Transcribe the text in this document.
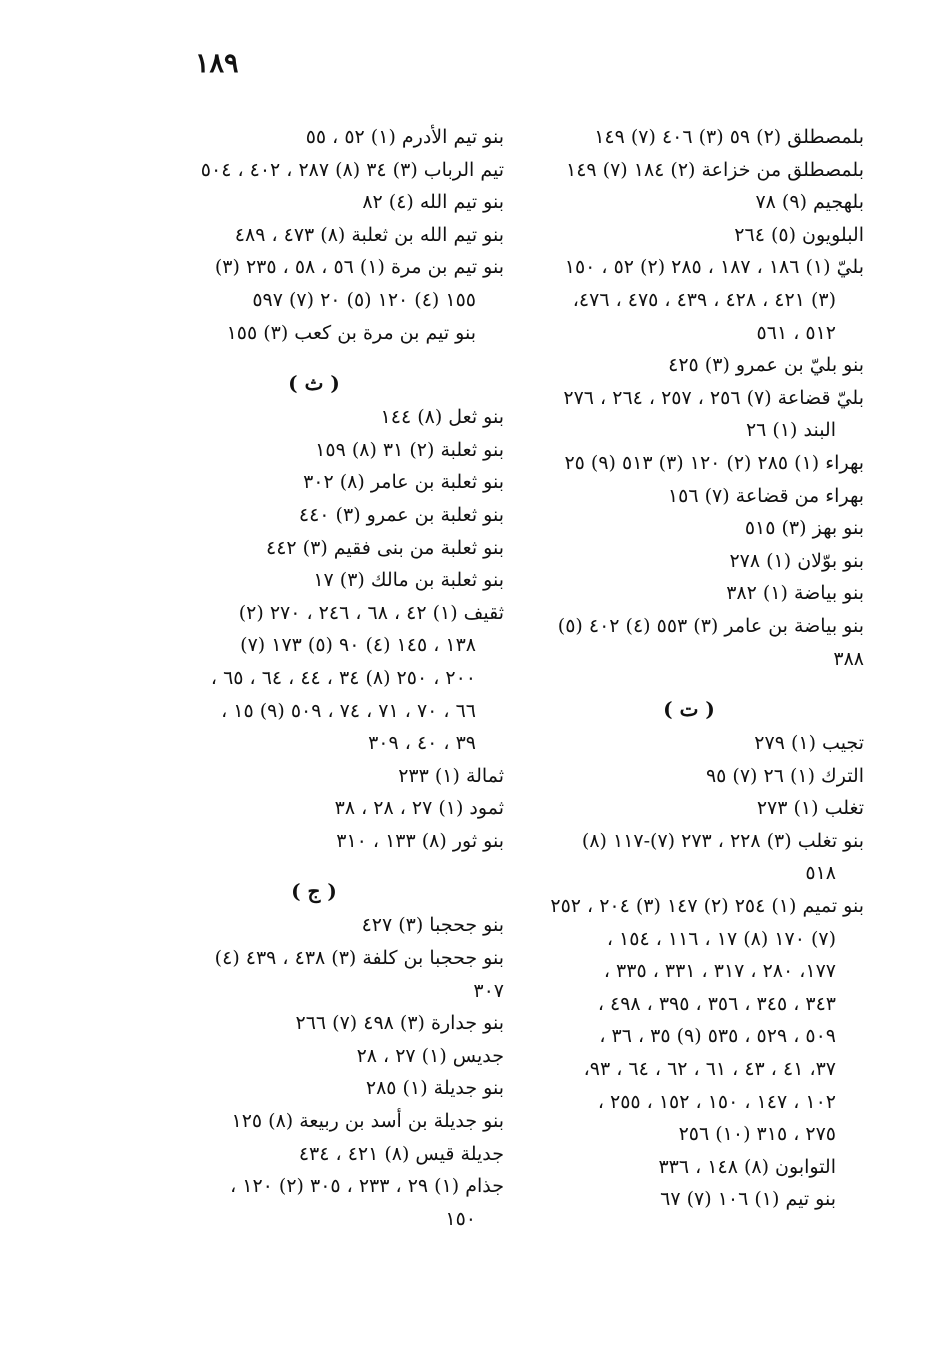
١٨٩
بلمصطلق (٢) ٥٩ (٣) ٤٠٦ (٧) ١٤٩
بلمصطلق من خزاعة (٢) ١٨٤ (٧) ١٤٩
بلهجيم (٩) ٧٨
البلويون (٥) ٢٦٤
بليّ (١) ١٨٦ ، ١٨٧ ، ٢٨٥ (٢) ٥٢ ، ١٥٠
(٣) ٤٢١ ، ٤٢٨ ، ٤٣٩ ، ٤٧٥ ، ٤٧٦،
٥١٢ ، ٥٦١
بنو بليّ بن عمرو (٣) ٤٢٥
بليّ قضاعة (٧) ٢٥٦ ، ٢٥٧ ، ٢٦٤ ، ٢٧٦
البند (١) ٢٦
بهراء (١) ٢٨٥ (٢) ١٢٠ (٣) ٥١٣ (٩) ٢٥
بهراء من قضاعة (٧) ١٥٦
بنو بهز (٣) ٥١٥
بنو بوّلان (١) ٢٧٨
بنو بياضة (١) ٣٨٢
بنو بياضة بن عامر (٣) ٥٥٣ (٤) ٤٠٢ (٥)
٣٨٨
( ت )
تجيب (١) ٢٧٩
الترك (١) ٢٦ (٧) ٩٥
تغلب (١) ٢٧٣
بنو تغلب (٣) ٢٢٨ ، ٢٧٣ (٧)-١١٧ (٨)
٥١٨
بنو تميم (١) ٢٥٤ (٢) ١٤٧ (٣) ٢٠٤ ، ٢٥٢
(٧) ١٧٠ (٨) ١٧ ، ١١٦ ، ١٥٤ ،
١٧٧، ٢٨٠ ، ٣١٧ ، ٣٣١ ، ٣٣٥ ،
٣٤٣ ، ٣٤٥ ، ٣٥٦ ، ٣٩٥ ، ٤٩٨ ،
٥٠٩ ، ٥٢٩ ، ٥٣٥ (٩) ٣٥ ، ٣٦ ،
٣٧، ٤١ ، ٤٣ ، ٦١ ، ٦٢ ، ٦٤ ، ٩٣،
١٠٢ ، ١٤٧ ، ١٥٠ ، ١٥٢ ، ٢٥٥ ،
٢٧٥ ، ٣١٥ (١٠) ٢٥٦
التوابون (٨) ١٤٨ ، ٣٣٦
بنو تيم (١) ١٠٦ (٧) ٦٧
بنو تيم الأدرم (١) ٥٢ ، ٥٥
تيم الرباب (٣) ٣٤ (٨) ٢٨٧ ، ٤٠٢ ، ٥٠٤
بنو تيم الله (٤) ٨٢
بنو تيم الله بن ثعلبة (٨) ٤٧٣ ، ٤٨٩
بنو تيم بن مرة (١) ٥٦ ، ٥٨ ، ٢٣٥ (٣)
١٥٥ (٤) ١٢٠ (٥) ٢٠ (٧) ٥٩٧
بنو تيم بن مرة بن كعب (٣) ١٥٥
( ث )
بنو ثعل (٨) ١٤٤
بنو ثعلبة (٢) ٣١ (٨) ١٥٩
بنو ثعلبة بن عامر (٨) ٣٠٢
بنو ثعلبة بن عمرو (٣) ٤٤٠
بنو ثعلبة من بنى فقيم (٣) ٤٤٢
بنو ثعلبة بن مالك (٣) ١٧
ثقيف (١) ٤٢ ، ٦٨ ، ٢٤٦ ، ٢٧٠ (٢)
١٣٨ ، ١٤٥ (٤) ٩٠ (٥) ١٧٣ (٧)
٢٠٠ ، ٢٥٠ (٨) ٣٤ ، ٤٤ ، ٦٤ ، ٦٥ ،
٦٦ ، ٧٠ ، ٧١ ، ٧٤ ، ٥٠٩ (٩) ١٥ ،
٣٩ ، ٤٠ ، ٣٠٩
ثمالة (١) ٢٣٣
ثمود (١) ٢٧ ، ٢٨ ، ٣٨
بنو ثور (٨) ١٣٣ ، ٣١٠
( ج )
بنو جحجبا (٣) ٤٢٧
بنو جحجبا بن كلفة (٣) ٤٣٨ ، ٤٣٩ (٤)
٣٠٧
بنو جدارة (٣) ٤٩٨ (٧) ٢٦٦
جديس (١) ٢٧ ، ٢٨
بنو جديلة (١) ٢٨٥
بنو جديلة بن أسد بن ربيعة (٨) ١٢٥
جديلة قيس (٨) ٤٢١ ، ٤٣٤
جذام (١) ٢٩ ، ٢٣٣ ، ٣٠٥ (٢) ١٢٠ ،
١٥٠
